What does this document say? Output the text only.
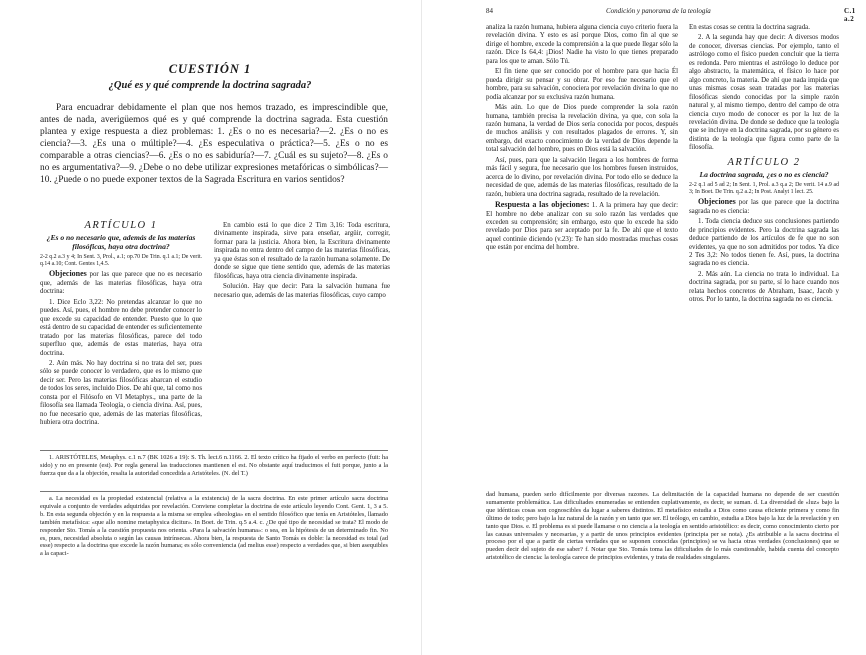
CUESTIÓN 1
¿Qué es y qué comprende la doctrina sagrada?
Para encuadrar debidamente el plan que nos hemos trazado, es imprescindible que, antes de nada, averigüemos qué es y qué comprende la doctrina sagrada. Esta cuestión plantea y exige respuesta a diez problemas: 1. ¿Es o no es necesaria?—2. ¿Es o no es ciencia?—3. ¿Es una o múltiple?—4. ¿Es especulativa o práctica?—5. ¿Es o no es comparable a otras ciencias?—6. ¿Es o no es sabiduría?—7. ¿Cuál es su sujeto?—8. ¿Es o no es argumentativa?—9. ¿Debe o no debe utilizar expresiones metafóricas o simbólicas?—10. ¿Puede o no puede exponer textos de la Sagrada Escritura en varios sentidos?
ARTÍCULO 1
¿Es o no necesario que, además de las materias filosóficas, haya otra doctrina?

2-2 q.2 a.3 y 4; In Sent. 3, Prol., a.1; op.70 De Trin. q.1 a.1; De verit. q.14 a.10; Cont. Gentes 1,4.5.

Objeciones por las que parece que no es necesario que, además de las materias filosóficas, haya otra doctrina:

1. Dice Eclo 3,22: No pretendas alcanzar lo que no puedes. Así, pues, el hombre no debe pretender conocer lo que excede su capacidad de entender. Puesto que lo que está dentro de su capacidad de entender es suficientemente tratado por las materias filosóficas, parece del todo superfluo que, además de estas materias, haya otra doctrina.

2. Aún más. No hay doctrina si no trata del ser, pues sólo se puede conocer lo verdadero, que es lo mismo que decir ser. Pero las materias filosóficas abarcan el estudio de todos los seres, incluido Dios. De ahí que, tal como nos consta por el Filósofo en VI Metaphys., una parte de la filosofía sea llamada Teología, o ciencia divina. Así, pues, no fue necesario que, además de las materias filosóficas, hubiera otra doctrina.

En cambio está lo que dice 2 Tim 3,16: Toda escritura, divinamente inspirada, sirve para enseñar, argüir, corregir, formar para la justicia. Ahora bien, la Escritura divinamente inspirada no entra dentro del campo de las materias filosóficas, ya que éstas son el resultado de la razón humana solamente. De donde se sigue que tiene sentido que, además de las materias filosóficas, haya otra ciencia divinamente inspirada.

Solución. Hay que decir: Para la salvación humana fue necesario que, además de las materias filosóficas, cuyo campo

1. ARISTÓTELES, Metaphys. c.1 n.7 (BK 1026 a 19): S. Th. lect.6 n.1166. 2. El texto crítico ha fijado el verbo en perfecto (fuit: ha sido) y no en presente (est). Por regla general las traducciones mantienen el est. No obstante aquí traducimos el fuit porque, junto a la fuerza que da a la objeción, resalta la autoridad concedida a Aristóteles. (N. del T.)

a. La necesidad es la propiedad existencial (relativa a la existencia) de la sacra doctrina. En este primer artículo sacra doctrina equivale a conjunto de verdades adquiridas por revelación. Conviene completar la doctrina de este artículo leyendo Cont. Gent. 1, 3 a 5. b. En esta segunda objeción y en la respuesta a la misma se emplea «theologia» en el sentido filosófico que tenía en Aristóteles, llamado también metafísica: «que allo nomine metaphysica dicitur». In Boet. de Trin. q.5 a.4. c. ¿De qué tipo de necesidad se trata? El modo de responder Sto. Tomás a la cuestión propuesta nos orienta. «Para la salvación humana»: o sea, en la hipótesis de un determinado fin. No es, pues, necesidad absoluta o según las causas intrínsecas. Ahora bien, la respuesta de Santo Tomás es doble: la necesidad es total (ad esse) respecto a la doctrina que excede la razón humana; es sólo conveniencia (ad melius esse) respecto a verdades que, si bien asequibles a la capaci-

84	Condición y panorama de la teología	C.1 a.2

analiza la razón humana, hubiera alguna ciencia cuyo criterio fuera la revelación divina. Y esto es así porque Dios, como fin al que se dirige el hombre, excede la comprensión a la que puede llegar sólo la razón. Dice Is 64,4: ¡Dios! Nadie ha visto lo que tienes preparado para los que te aman. Sólo Tú.

El fin tiene que ser conocido por el hombre para que hacia Él pueda dirigir su pensar y su obrar. Por eso fue necesario que el hombre, para su salvación, conociera por revelación divina lo que no podía alcanzar por su exclusiva razón humana.

Más aún. Lo que de Dios puede comprender la sola razón humana, también precisa la revelación divina, ya que, con sola la razón humana, la verdad de Dios sería conocida por pocos, después de muchos análisis y con resultados plagados de errores. Y, sin embargo, del exacto conocimiento de la verdad de Dios depende la total salvación del hombre, pues en Dios está la salvación.

Así, pues, para que la salvación llegara a los hombres de forma más fácil y segura, fue necesario que los hombres fuesen instruidos, acerca de lo divino, por revelación divina. Por todo ello se deduce la necesidad de que, además de las materias filosóficas, resultado de la razón, hubiera una doctrina sagrada, resultado de la revelación.

Respuesta a las objeciones: 1. A la primera hay que decir: El hombre no debe analizar con su solo razón las verdades que exceden su comprensión; sin embargo, esto que lo excede ha sido revelado por Dios para ser aceptado por la fe. De ahí que el texto aquel continúe diciendo (v.23): Te han sido mostradas muchas cosas que están por encima del hombre.

En estas cosas se centra la doctrina sagrada.

2. A la segunda hay que decir: A diversos modos de conocer, diversas ciencias. Por ejemplo, tanto el astrólogo como el físico pueden concluir que la tierra es redonda. Pero mientras el astrólogo lo deduce por algo abstracto, la matemática, el físico lo hace por algo concreto, la materia. De ahí que nada impida que unas mismas cosas sean tratadas por las materias filosóficas siendo conocidas por la simple razón natural y, al mismo tiempo, dentro del campo de otra ciencia cuyo modo de conocer es por la luz de la revelación divina. De donde se deduce que la teología que se incluye en la doctrina sagrada, por su género es distinta de la teología que figura como parte de la filosofía.

ARTÍCULO 2
La doctrina sagrada, ¿es o no es ciencia?

2-2 q.1 ad 5 ad 2; In Sent. 1, Prol. a.3 q.a 2; De verit. 14 a.9 ad 3; In Boet. De Trin. q.2 a.2; In Post. Analyt 1 lect. 25.

Objeciones por las que parece que la doctrina sagrada no es ciencia:

1. Toda ciencia deduce sus conclusiones partiendo de principios evidentes. Pero la doctrina sagrada las deduce partiendo de los artículos de fe que no son evidentes, ya que no son admitidos por todos. Ya dice 2 Tes 3,2: No todos tienen fe. Así, pues, la doctrina sagrada no es ciencia.

2. Más aún. La ciencia no trata lo individual. La doctrina sagrada, por su parte, sí lo hace cuando nos relata hechos concretos de Abraham, Isaac, Jacob y otros. Por lo tanto, la doctrina sagrada no es ciencia.

dad humana, pueden serlo difícilmente por diversas razones. La delimitación de la capacidad humana no depende de ser cuestión sumamente problemática. Las dificultades enumeradas se entienden cuplativamente, es decir, se suman. d. La diversidad de «luz» bajo la que idénticas cosas son cognoscibles da lugar a saberes distintos. El metafísico estudia a Dios como causa eficiente primera y como fin último de todo; pero bajo la luz natural de la razón y en tanto que ser. El teólogo, en cambio, estudia a Dios bajo la luz de la revelación y en tanto que Dios. e. El problema es si puede llamarse o no ciencia a la teología en sentido aristotélico: es decir, como conocimiento cierto por las causas universales y necesarias, y a partir de unos principios evidentes (principia per se nota). ¿Es atribuible a la sacra doctrina el proceso por el que a partir de ciertas verdades que se suponen conocidas (principios) se va hacia otras verdades (conclusiones) que se pueden decir del sujeto de ese saber? f. Notar que Sto. Tomás toma las dificultades de lo más cuestionable, habida cuenta del concepto aristotélico de ciencia: la teología carece de principios evidentes, y trata de realidades singulares.
